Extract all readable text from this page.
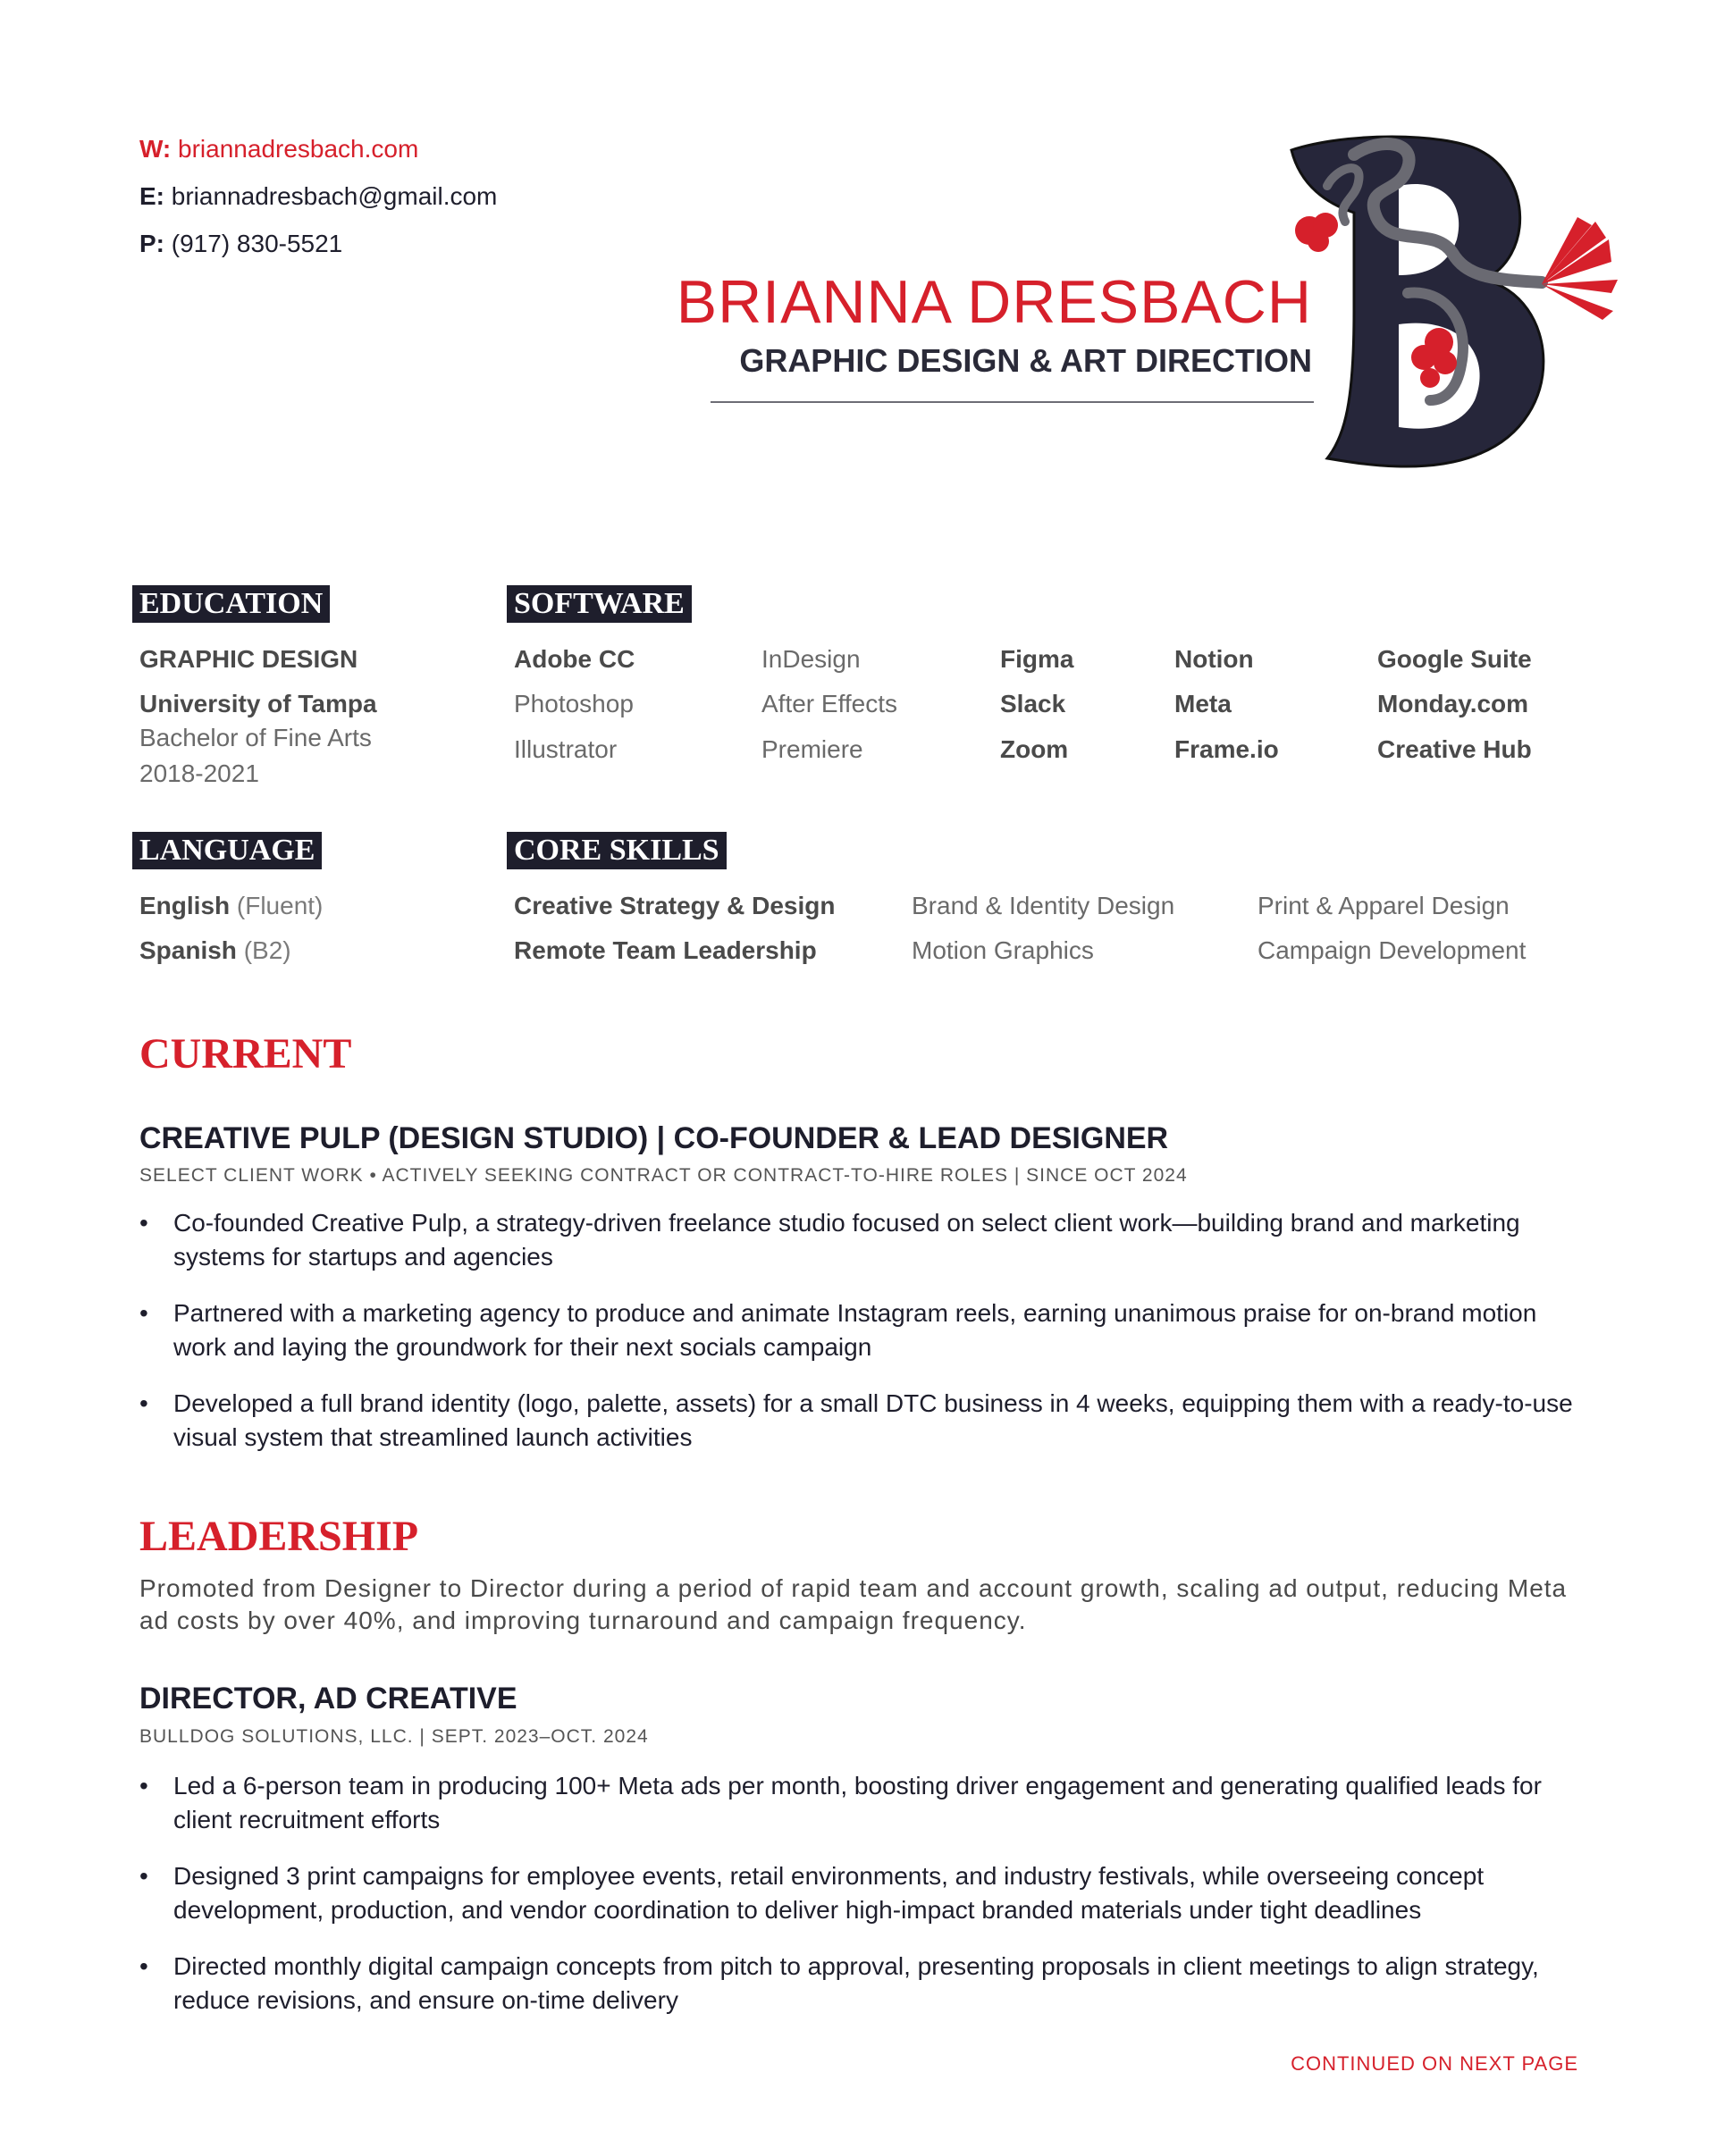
W: briannadresbach.com
E: briannadresbach@gmail.com
P: (917) 830-5521
BRIANNA DRESBACH
GRAPHIC DESIGN & ART DIRECTION
EDUCATION
GRAPHIC DESIGN
University of Tampa
Bachelor of Fine Arts
2018-2021
SOFTWARE
Adobe CC
Photoshop
Illustrator
InDesign
After Effects
Premiere
Figma
Slack
Zoom
Notion
Meta
Frame.io
Google Suite
Monday.com
Creative Hub
LANGUAGE
English (Fluent)
Spanish (B2)
CORE SKILLS
Creative Strategy & Design
Remote Team Leadership
Brand & Identity Design
Motion Graphics
Print & Apparel Design
Campaign Development
CURRENT
CREATIVE PULP (DESIGN STUDIO) | CO-FOUNDER & LEAD DESIGNER
SELECT CLIENT WORK • ACTIVELY SEEKING CONTRACT OR CONTRACT-TO-HIRE ROLES | SINCE OCT 2024
• Co-founded Creative Pulp, a strategy-driven freelance studio focused on select client work—building brand and marketing systems for startups and agencies
• Partnered with a marketing agency to produce and animate Instagram reels, earning unanimous praise for on-brand motion work and laying the groundwork for their next socials campaign
• Developed a full brand identity (logo, palette, assets) for a small DTC business in 4 weeks, equipping them with a ready-to-use visual system that streamlined launch activities
LEADERSHIP
Promoted from Designer to Director during a period of rapid team and account growth, scaling ad output, reducing Meta ad costs by over 40%, and improving turnaround and campaign frequency.
DIRECTOR, AD CREATIVE
BULLDOG SOLUTIONS, LLC. | SEPT. 2023–OCT. 2024
• Led a 6-person team in producing 100+ Meta ads per month, boosting driver engagement and generating qualified leads for client recruitment efforts
• Designed 3 print campaigns for employee events, retail environments, and industry festivals, while overseeing concept development, production, and vendor coordination to deliver high-impact branded materials under tight deadlines
• Directed monthly digital campaign concepts from pitch to approval, presenting proposals in client meetings to align strategy, reduce revisions, and ensure on-time delivery
CONTINUED ON NEXT PAGE
